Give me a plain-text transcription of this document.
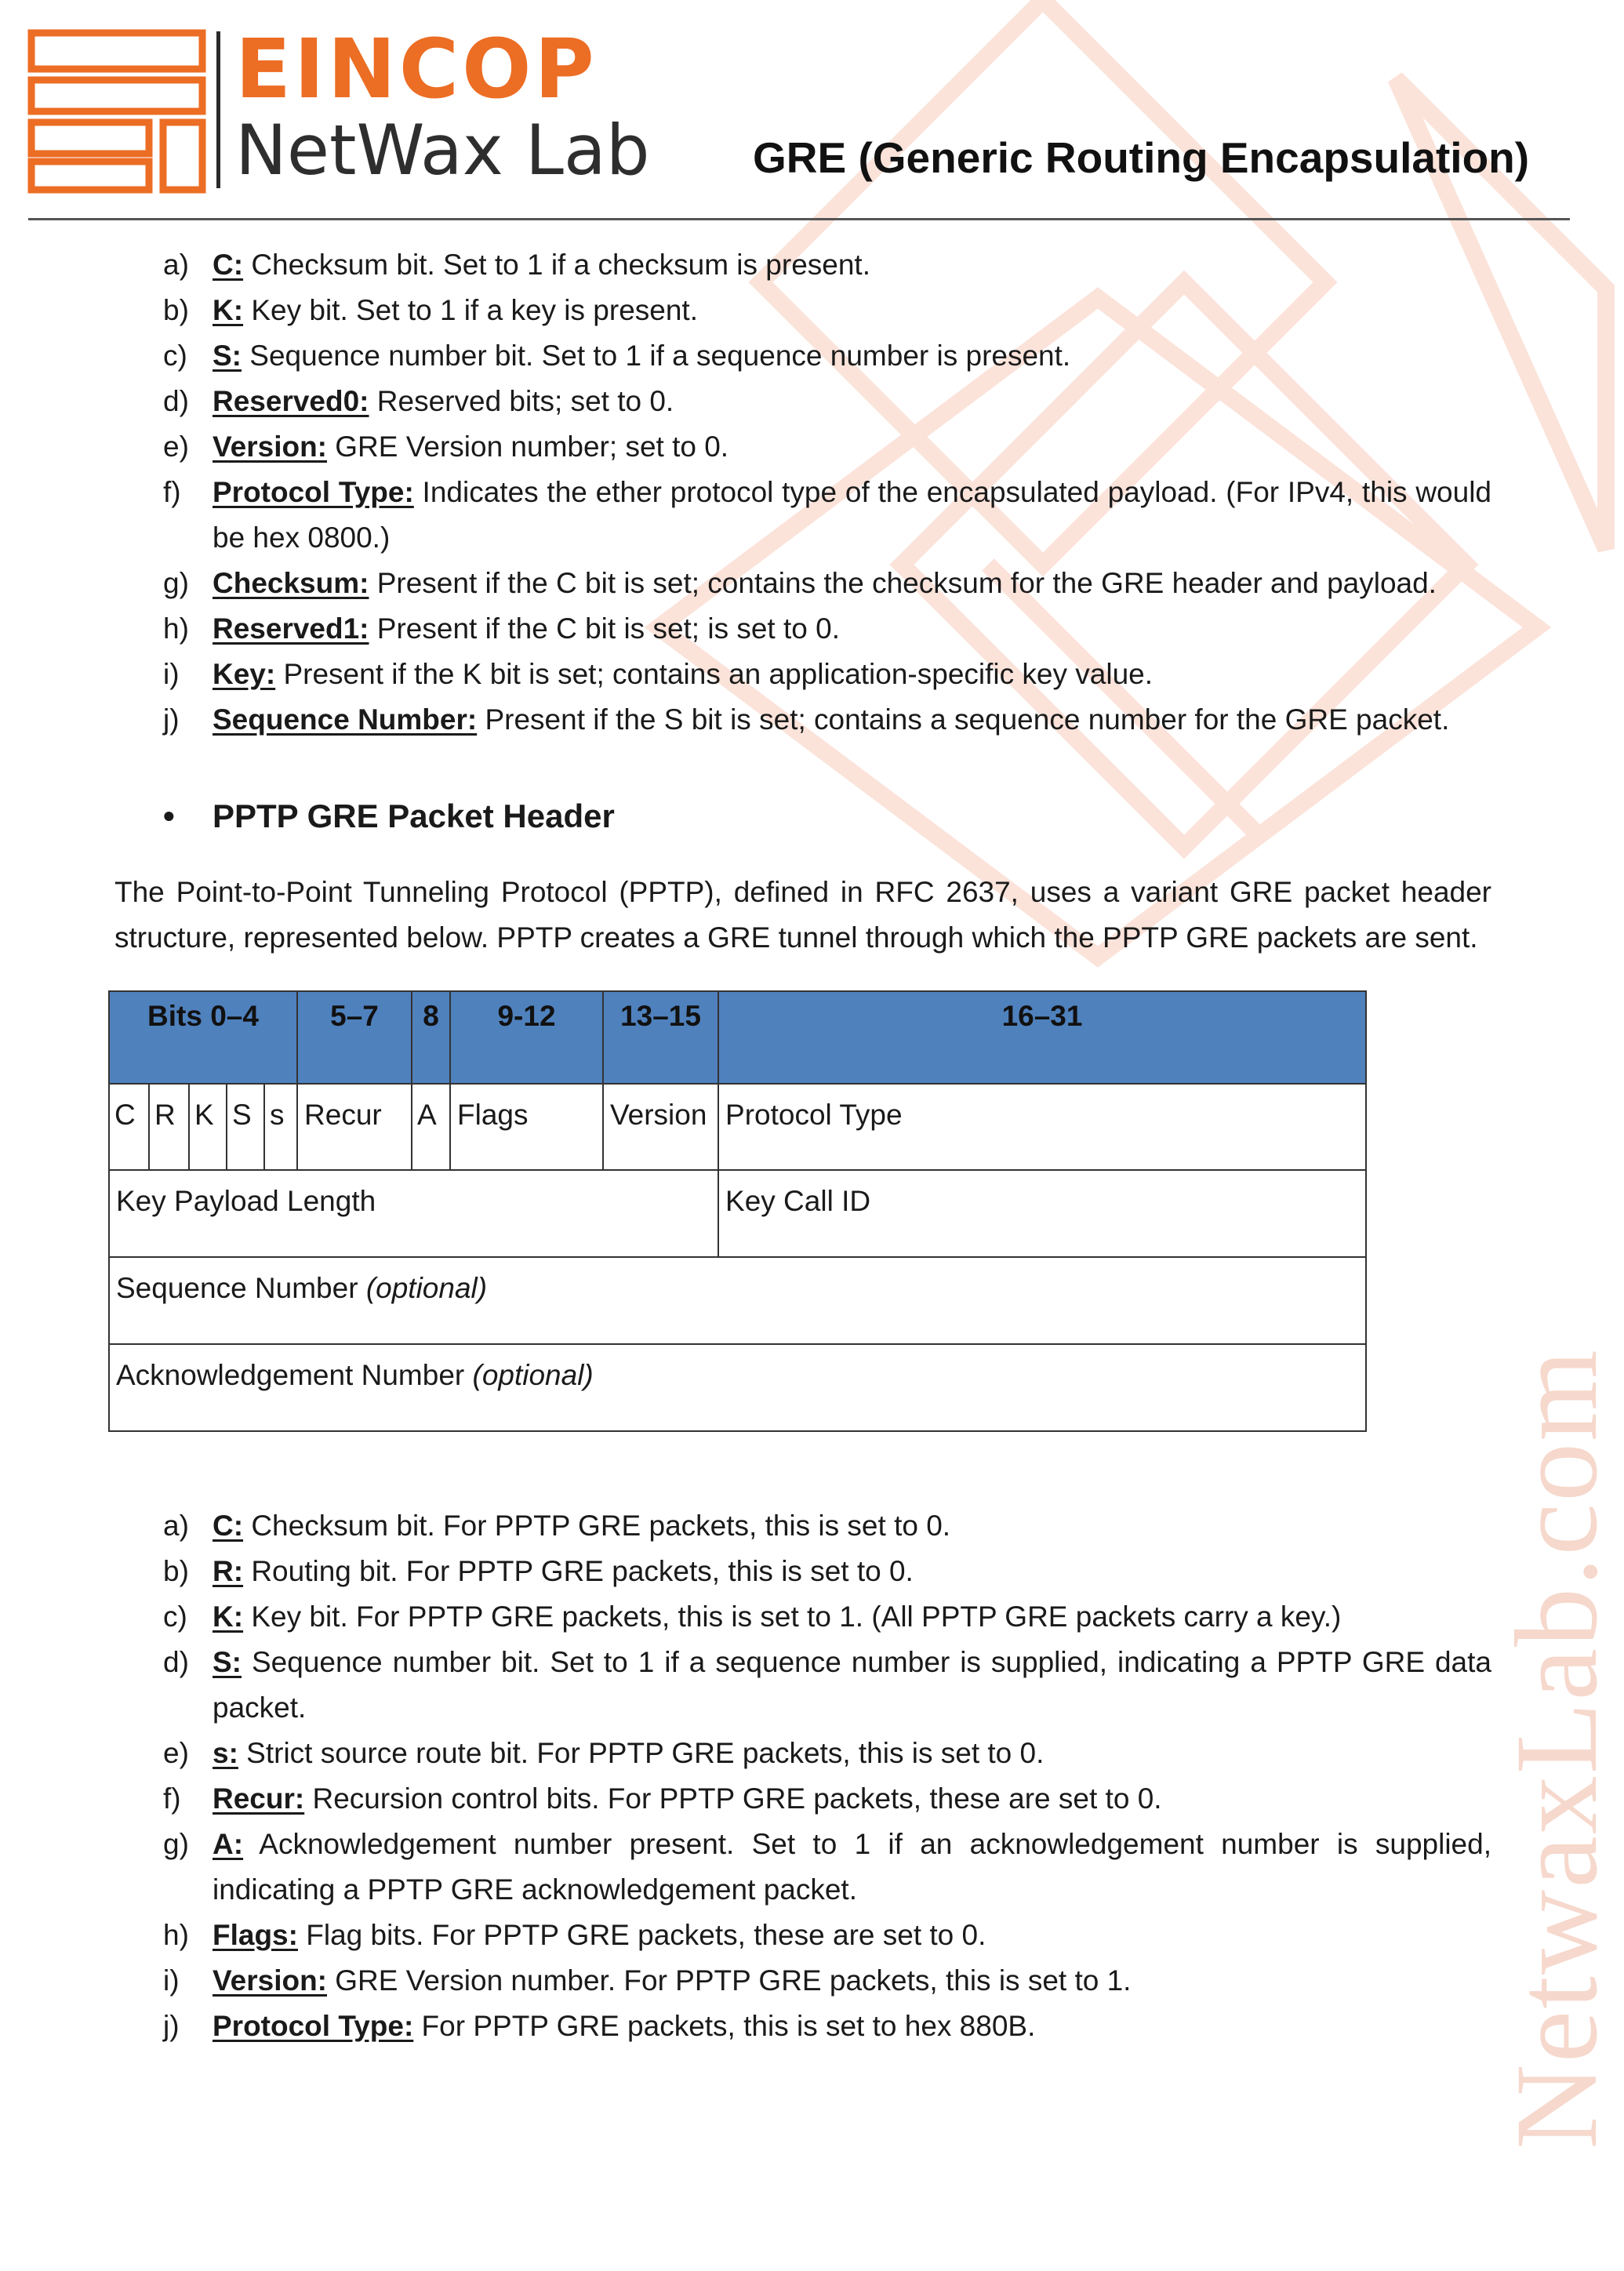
NetwaxLab.com
EINCOP
NetWax Lab GRE (Generic Routing Encapsulation)
a) C: Checksum bit. Set to 1 if a checksum is present.
b) K: Key bit. Set to 1 if a key is present.
c) S: Sequence number bit. Set to 1 if a sequence number is present.
d) Reserved0: Reserved bits; set to 0.
e) Version: GRE Version number; set to 0.
f) Protocol Type: Indicates the ether protocol type of the encapsulated payload. (For IPv4, this would be hex 0800.)
g) Checksum: Present if the C bit is set; contains the checksum for the GRE header and payload.
h) Reserved1: Present if the C bit is set; is set to 0.
i) Key: Present if the K bit is set; contains an application-specific key value.
j) Sequence Number: Present if the S bit is set; contains a sequence number for the GRE packet.
• PPTP GRE Packet Header

The Point-to-Point Tunneling Protocol (PPTP), defined in RFC 2637, uses a variant GRE packet header structure, represented below. PPTP creates a GRE tunnel through which the PPTP GRE packets are sent.

Bits 0–4					5–7	8	9-12	13–15	16–31
C	R	K	S	s	Recur	A	Flags	Version	Protocol Type
Key Payload Length									Key Call ID
Sequence Number (optional)									
Acknowledgement Number (optional)									
a) C: Checksum bit. For PPTP GRE packets, this is set to 0.
b) R: Routing bit. For PPTP GRE packets, this is set to 0.
c) K: Key bit. For PPTP GRE packets, this is set to 1. (All PPTP GRE packets carry a key.)
d) S: Sequence number bit. Set to 1 if a sequence number is supplied, indicating a PPTP GRE data packet.
e) s: Strict source route bit. For PPTP GRE packets, this is set to 0.
f) Recur: Recursion control bits. For PPTP GRE packets, these are set to 0.
g) A: Acknowledgement number present. Set to 1 if an acknowledgement number is supplied, indicating a PPTP GRE acknowledgement packet.
h) Flags: Flag bits. For PPTP GRE packets, these are set to 0.
i) Version: GRE Version number. For PPTP GRE packets, this is set to 1.
j) Protocol Type: For PPTP GRE packets, this is set to hex 880B.
